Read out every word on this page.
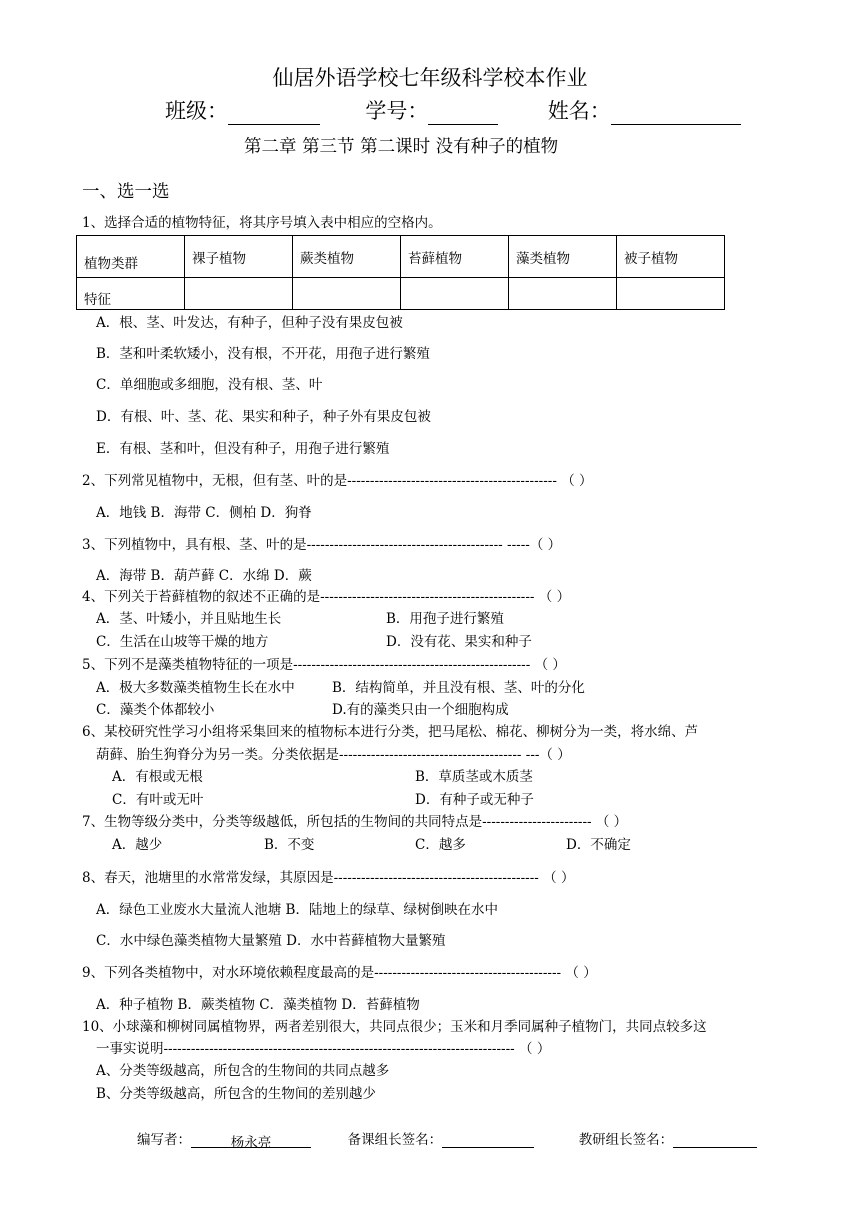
仙居外语学校七年级科学校本作业
班级：	学号：	姓名：
第二章 第三节 第二课时 没有种子的植物
一、选一选
1、选择合适的植物特征，将其序号填入表中相应的空格内。
植物类群	裸子植物	蕨类植物	苔藓植物	藻类植物	被子植物
特征					
A．根、茎、叶发达，有种子，但种子没有果皮包被
B．茎和叶柔软矮小，没有根，不开花，用孢子进行繁殖
C．单细胞或多细胞，没有根、茎、叶
D．有根、叶、茎、花、果实和种子，种子外有果皮包被
E．有根、茎和叶，但没有种子，用孢子进行繁殖
2、下列常见植物中，无根，但有茎、叶的是---------------------------------------------- （ ）
A．地钱 B．海带 C．侧柏 D．狗脊
3、下列植物中，具有根、茎、叶的是------------------------------------------- -----（ ）
A．海带 B．葫芦藓 C．水绵 D．蕨
4、下列关于苔藓植物的叙述不正确的是----------------------------------------------- （ ）
A．茎、叶矮小，并且贴地生长	B．用孢子进行繁殖
C．生活在山坡等干燥的地方	D．没有花、果实和种子
5、下列不是藻类植物特征的一项是---------------------------------------------------- （ ）
A．极大多数藻类植物生长在水中	B．结构简单，并且没有根、茎、叶的分化
C．藻类个体都较小	D.有的藻类只由一个细胞构成
6、某校研究性学习小组将采集回来的植物标本进行分类，把马尾松、棉花、柳树分为一类，将水绵、芦
葫藓、胎生狗脊分为另一类。分类依据是---------------------------------------- ---（ ）
A．有根或无根	B．草质茎或木质茎
C．有叶或无叶	D．有种子或无种子
7、生物等级分类中，分类等级越低，所包括的生物间的共同特点是------------------------ （ ）
A．越少	B．不变	C．越多	D．不确定
8、春天，池塘里的水常常发绿，其原因是--------------------------------------------- （ ）
A．绿色工业废水大量流人池塘 B．陆地上的绿草、绿树倒映在水中
C．水中绿色藻类植物大量繁殖 D．水中苔藓植物大量繁殖
9、下列各类植物中，对水环境依赖程度最高的是----------------------------------------- （ ）
A．种子植物 B．蕨类植物 C．藻类植物 D．苔藓植物
10、小球藻和柳树同属植物界，两者差别很大，共同点很少；玉米和月季同属种子植物门，共同点较多这
一事实说明----------------------------------------------------------------------------- （ ）
A、分类等级越高，所包含的生物间的共同点越多
B、分类等级越高，所包含的生物间的差别越少
编写者：	杨永亮	备课组长签名：	教研组长签名：
